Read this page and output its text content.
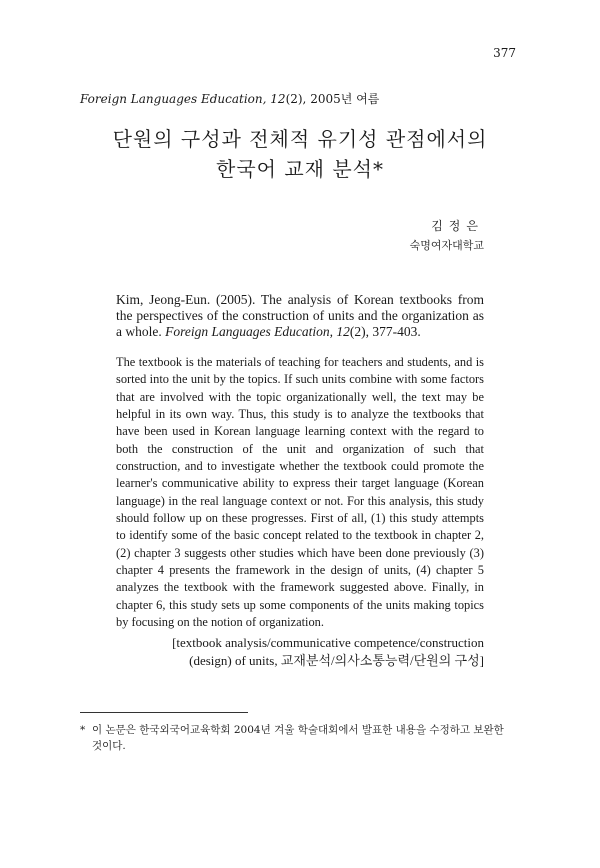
377
Foreign Languages Education, 12(2), 2005년 여름
단원의 구성과 전체적 유기성 관점에서의
한국어 교재 분석*
김정은
숙명여자대학교
Kim, Jeong-Eun. (2005). The analysis of Korean textbooks from the perspectives of the construction of units and the organization as a whole. Foreign Languages Education, 12(2), 377-403.
The textbook is the materials of teaching for teachers and students, and is sorted into the unit by the topics. If such units combine with some factors that are involved with the topic organizationally well, the text may be helpful in its own way. Thus, this study is to analyze the textbooks that have been used in Korean language learning context with the regard to both the construction of the unit and organization of such that construction, and to investigate whether the textbook could promote the learner's communicative ability to express their target language (Korean language) in the real language context or not. For this analysis, this study should follow up on these progresses. First of all, (1) this study attempts to identify some of the basic concept related to the textbook in chapter 2, (2) chapter 3 suggests other studies which have been done previously (3) chapter 4 presents the framework in the design of units, (4) chapter 5 analyzes the textbook with the framework suggested above. Finally, in chapter 6, this study sets up some components of the units making topics by focusing on the notion of organization.
[textbook analysis/communicative competence/construction
(design) of units, 교재분석/의사소통능력/단원의 구성]
* 이 논문은 한국외국어교육학회 2004년 겨울 학술대회에서 발표한 내용을 수정하고 보완한
것이다.
